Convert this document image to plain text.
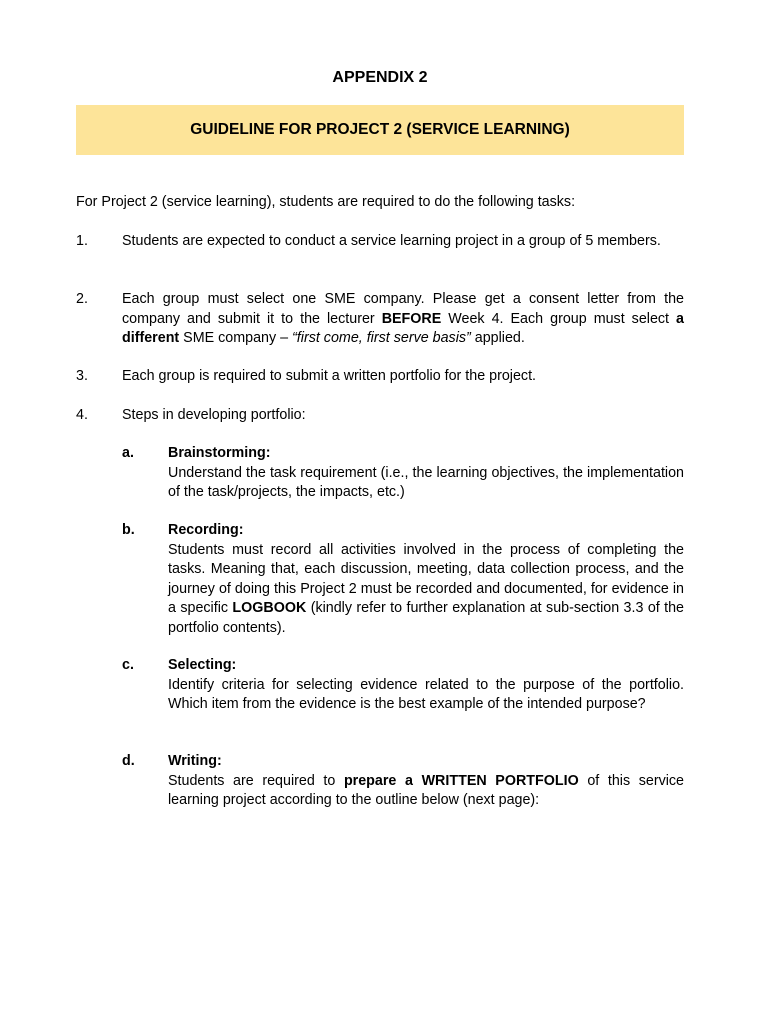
APPENDIX 2
GUIDELINE FOR PROJECT 2 (SERVICE LEARNING)
For Project 2 (service learning), students are required to do the following tasks:
1. Students are expected to conduct a service learning project in a group of 5 members.
2. Each group must select one SME company. Please get a consent letter from the company and submit it to the lecturer BEFORE Week 4. Each group must select a different SME company – “first come, first serve basis” applied.
3. Each group is required to submit a written portfolio for the project.
4. Steps in developing portfolio:
a. Brainstorming:
Understand the task requirement (i.e., the learning objectives, the implementation of the task/projects, the impacts, etc.)
b. Recording:
Students must record all activities involved in the process of completing the tasks. Meaning that, each discussion, meeting, data collection process, and the journey of doing this Project 2 must be recorded and documented, for evidence in a specific LOGBOOK (kindly refer to further explanation at sub-section 3.3 of the portfolio contents).
c. Selecting:
Identify criteria for selecting evidence related to the purpose of the portfolio. Which item from the evidence is the best example of the intended purpose?
d. Writing:
Students are required to prepare a WRITTEN PORTFOLIO of this service learning project according to the outline below (next page):
